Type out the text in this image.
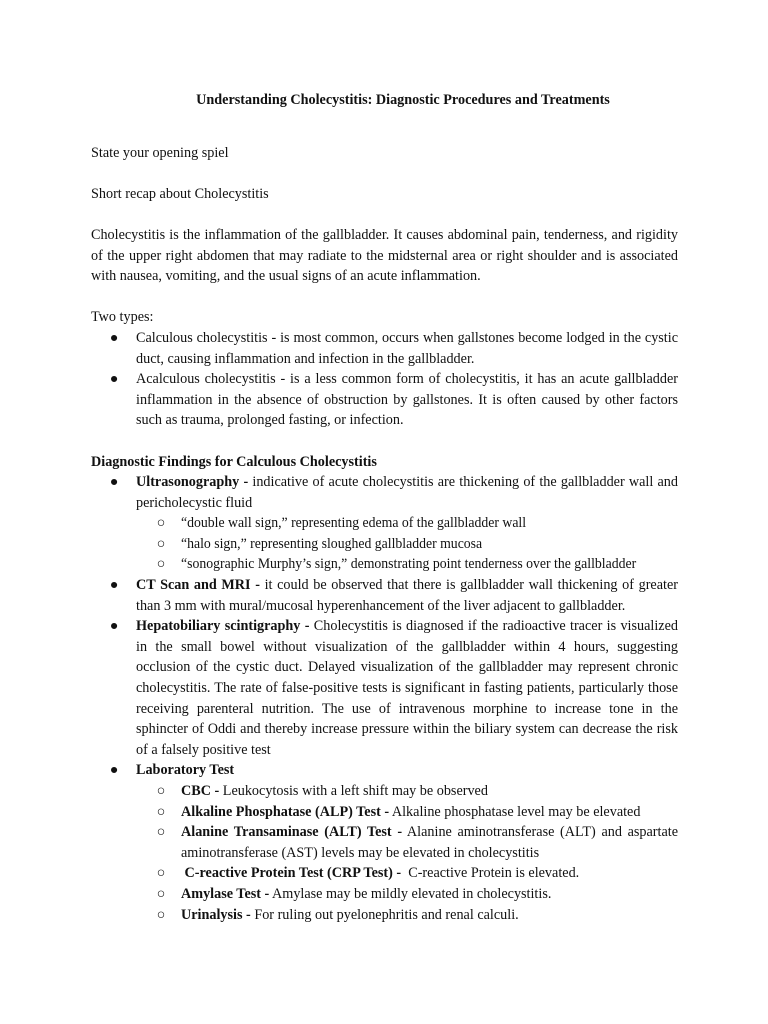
Understanding Cholecystitis: Diagnostic Procedures and Treatments

State your opening spiel

Short recap about Cholecystitis

Cholecystitis is the inflammation of the gallbladder. It causes abdominal pain, tenderness, and rigidity of the upper right abdomen that may radiate to the midsternal area or right shoulder and is associated with nausea, vomiting, and the usual signs of an acute inflammation.

Two types:

● Calculous cholecystitis - is most common, occurs when gallstones become lodged in the cystic duct, causing inflammation and infection in the gallbladder.
● Acalculous cholecystitis - is a less common form of cholecystitis, it has an acute gallbladder inflammation in the absence of obstruction by gallstones. It is often caused by other factors such as trauma, prolonged fasting, or infection.

Diagnostic Findings for Calculous Cholecystitis

● Ultrasonography - indicative of acute cholecystitis are thickening of the gallbladder wall and pericholecystic fluid
○ “double wall sign,” representing edema of the gallbladder wall
○ “halo sign,” representing sloughed gallbladder mucosa
○ “sonographic Murphy’s sign,” demonstrating point tenderness over the gallbladder
● CT Scan and MRI - it could be observed that there is gallbladder wall thickening of greater than 3 mm with mural/mucosal hyperenhancement of the liver adjacent to gallbladder.
● Hepatobiliary scintigraphy - Cholecystitis is diagnosed if the radioactive tracer is visualized in the small bowel without visualization of the gallbladder within 4 hours, suggesting occlusion of the cystic duct. Delayed visualization of the gallbladder may represent chronic cholecystitis. The rate of false-positive tests is significant in fasting patients, particularly those receiving parenteral nutrition. The use of intravenous morphine to increase tone in the sphincter of Oddi and thereby increase pressure within the biliary system can decrease the risk of a falsely positive test
● Laboratory Test
○ CBC - Leukocytosis with a left shift may be observed
○ Alkaline Phosphatase (ALP) Test - Alkaline phosphatase level may be elevated
○ Alanine Transaminase (ALT) Test - Alanine aminotransferase (ALT) and aspartate aminotransferase (AST) levels may be elevated in cholecystitis
○ C-reactive Protein Test (CRP Test) -  C-reactive Protein is elevated.
○ Amylase Test - Amylase may be mildly elevated in cholecystitis.
○ Urinalysis - For ruling out pyelonephritis and renal calculi.
